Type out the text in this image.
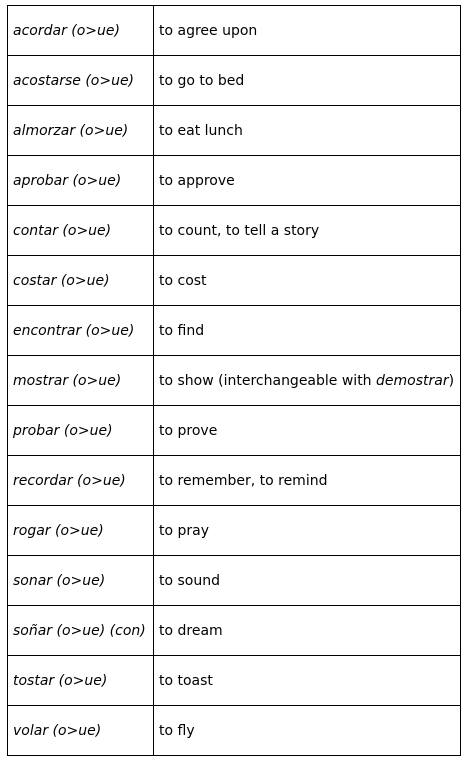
acordar (o>ue)	to agree upon
acostarse (o>ue)	to go to bed
almorzar (o>ue)	to eat lunch
aprobar (o>ue)	to approve
contar (o>ue)	to count, to tell a story
costar (o>ue)	to cost
encontrar (o>ue)	to find
mostrar (o>ue)	to show (interchangeable with demostrar)
probar (o>ue)	to prove
recordar (o>ue)	to remember, to remind
rogar (o>ue)	to pray
sonar (o>ue)	to sound
soñar (o>ue) (con)	to dream
tostar (o>ue)	to toast
volar (o>ue)	to fly
